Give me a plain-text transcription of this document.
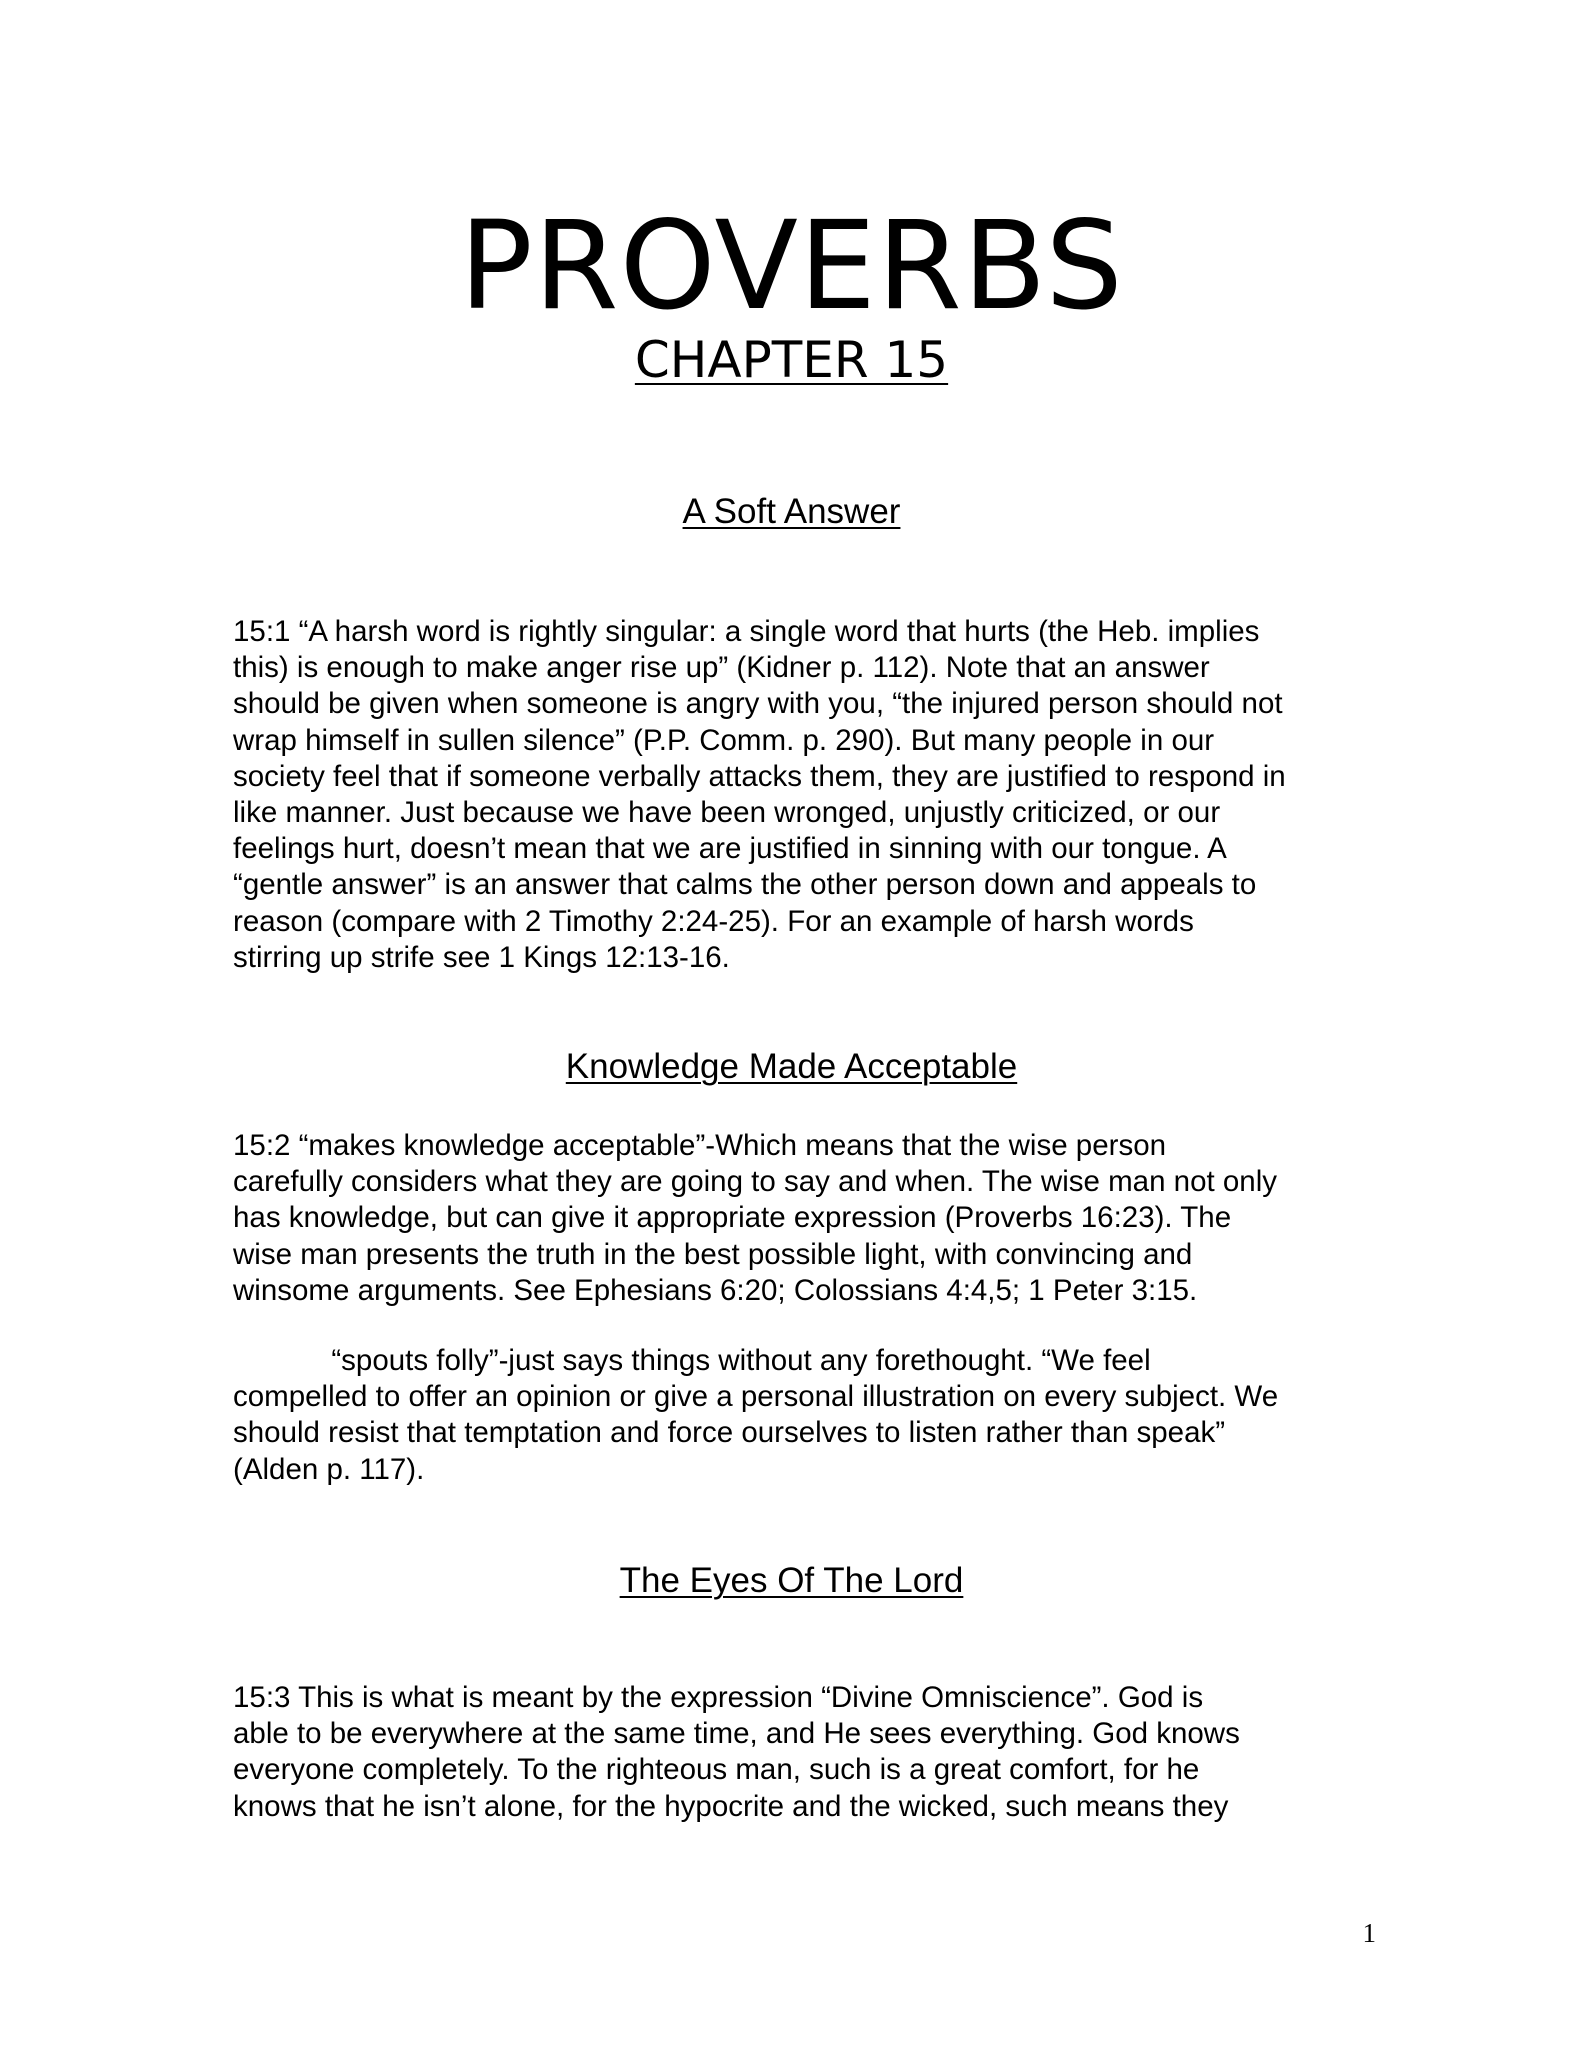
PROVERBS
CHAPTER 15
A Soft Answer

15:1 “A harsh word is rightly singular: a single word that hurts (the Heb. implies
this) is enough to make anger rise up” (Kidner p. 112). Note that an answer
should be given when someone is angry with you, “the injured person should not
wrap himself in sullen silence” (P.P. Comm. p. 290). But many people in our
society feel that if someone verbally attacks them, they are justified to respond in
like manner. Just because we have been wronged, unjustly criticized, or our
feelings hurt, doesn’t mean that we are justified in sinning with our tongue. A
“gentle answer” is an answer that calms the other person down and appeals to
reason (compare with 2 Timothy 2:24-25). For an example of harsh words
stirring up strife see 1 Kings 12:13-16.

Knowledge Made Acceptable

15:2 “makes knowledge acceptable”-Which means that the wise person
carefully considers what they are going to say and when. The wise man not only
has knowledge, but can give it appropriate expression (Proverbs 16:23). The
wise man presents the truth in the best possible light, with convincing and
winsome arguments. See Ephesians 6:20; Colossians 4:4,5; 1 Peter 3:15.

“spouts folly”-just says things without any forethought. “We feel
compelled to offer an opinion or give a personal illustration on every subject. We
should resist that temptation and force ourselves to listen rather than speak”
(Alden p. 117).

The Eyes Of The Lord

15:3 This is what is meant by the expression “Divine Omniscience”. God is
able to be everywhere at the same time, and He sees everything. God knows
everyone completely. To the righteous man, such is a great comfort, for he
knows that he isn’t alone, for the hypocrite and the wicked, such means they

1
